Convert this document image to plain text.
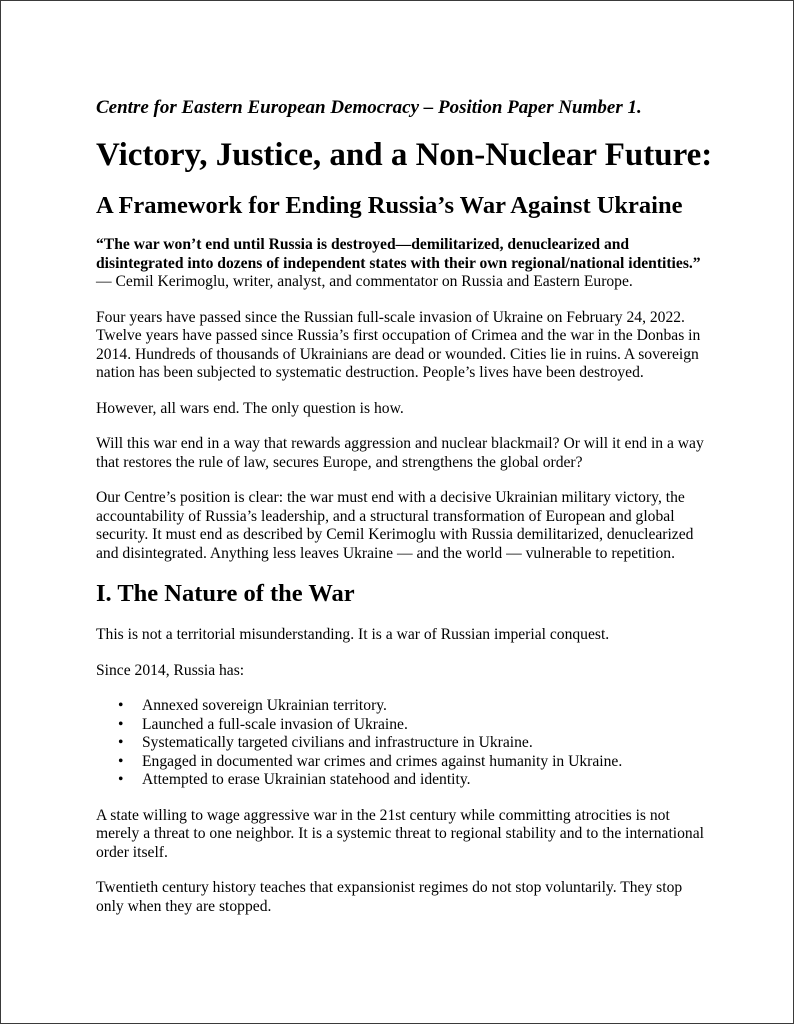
Centre for Eastern European Democracy – Position Paper Number 1.
Victory, Justice, and a Non-Nuclear Future:
A Framework for Ending Russia’s War Against Ukraine
“The war won’t end until Russia is destroyed—demilitarized, denuclearized and disintegrated into dozens of independent states with their own regional/national identities.”
— Cemil Kerimoglu, writer, analyst, and commentator on Russia and Eastern Europe.

Four years have passed since the Russian full-scale invasion of Ukraine on February 24, 2022. Twelve years have passed since Russia’s first occupation of Crimea and the war in the Donbas in 2014. Hundreds of thousands of Ukrainians are dead or wounded. Cities lie in ruins. A sovereign nation has been subjected to systematic destruction. People’s lives have been destroyed.

However, all wars end. The only question is how.

Will this war end in a way that rewards aggression and nuclear blackmail? Or will it end in a way that restores the rule of law, secures Europe, and strengthens the global order?

Our Centre’s position is clear: the war must end with a decisive Ukrainian military victory, the accountability of Russia’s leadership, and a structural transformation of European and global security. It must end as described by Cemil Kerimoglu with Russia demilitarized, denuclearized and disintegrated. Anything less leaves Ukraine — and the world — vulnerable to repetition.

I. The Nature of the War

This is not a territorial misunderstanding. It is a war of Russian imperial conquest.

Since 2014, Russia has:

• Annexed sovereign Ukrainian territory.
• Launched a full-scale invasion of Ukraine.
• Systematically targeted civilians and infrastructure in Ukraine.
• Engaged in documented war crimes and crimes against humanity in Ukraine.
• Attempted to erase Ukrainian statehood and identity.

A state willing to wage aggressive war in the 21st century while committing atrocities is not merely a threat to one neighbor. It is a systemic threat to regional stability and to the international order itself.

Twentieth century history teaches that expansionist regimes do not stop voluntarily. They stop only when they are stopped.
